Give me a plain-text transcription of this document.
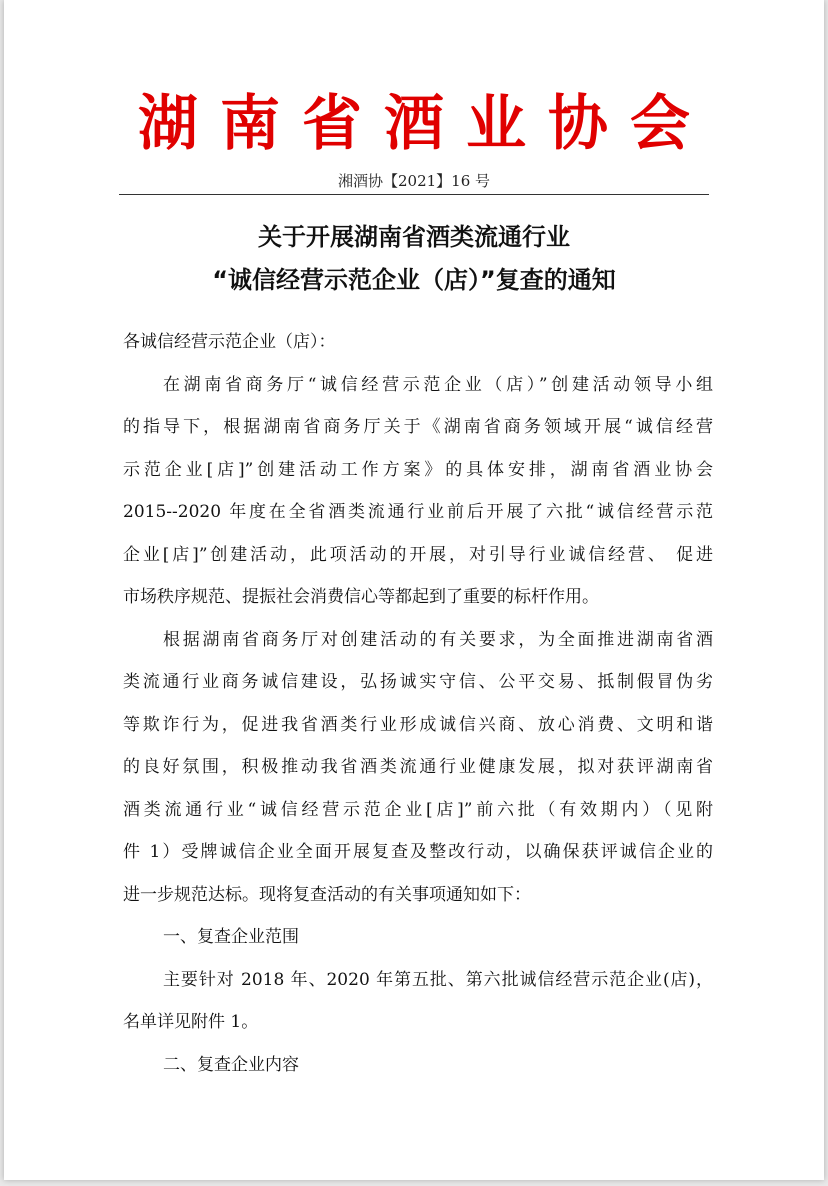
湖南省酒业协会
湘酒协【2021】16 号
关于开展湖南省酒类流通行业
“诚信经营示范企业（店）”复查的通知
各诚信经营示范企业（店）：
在湖南省商务厅“诚信经营示范企业（店）”创建活动领导小组
的指导下，根据湖南省商务厅关于《湖南省商务领域开展“诚信经营
示范企业[店]”创建活动工作方案》的具体安排，湖南省酒业协会
2015--2020 年度在全省酒类流通行业前后开展了六批“诚信经营示范
企业[店]”创建活动，此项活动的开展，对引导行业诚信经营、 促进
市场秩序规范、提振社会消费信心等都起到了重要的标杆作用。
根据湖南省商务厅对创建活动的有关要求，为全面推进湖南省酒
类流通行业商务诚信建设，弘扬诚实守信、公平交易、抵制假冒伪劣
等欺诈行为，促进我省酒类行业形成诚信兴商、放心消费、文明和谐
的良好氛围，积极推动我省酒类流通行业健康发展，拟对获评湖南省
酒类流通行业“诚信经营示范企业[店]”前六批（有效期内）（见附
件 1）受牌诚信企业全面开展复查及整改行动，以确保获评诚信企业的
进一步规范达标。现将复查活动的有关事项通知如下：
一、复查企业范围
主要针对 2018 年、2020 年第五批、第六批诚信经营示范企业(店)，
名单详见附件 1。
二、复查企业内容
